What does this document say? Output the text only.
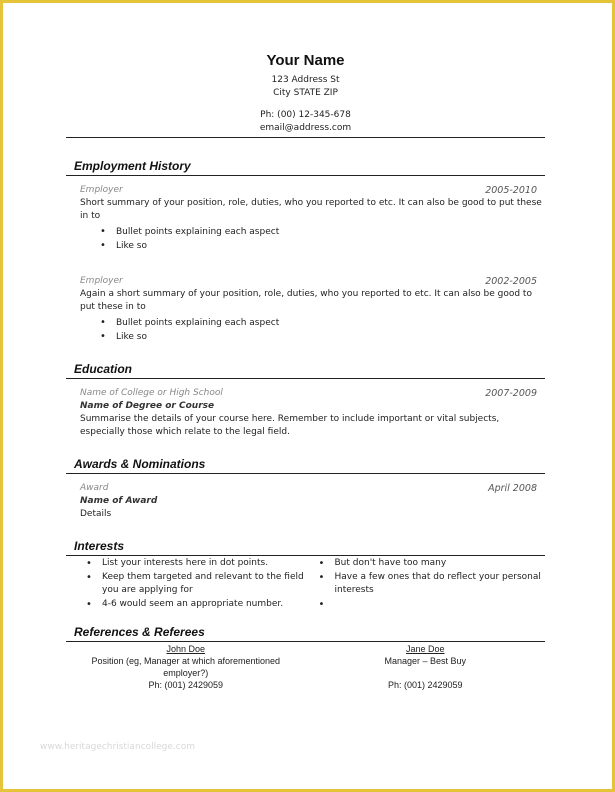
Your Name
123 Address St
City STATE ZIP
Ph: (00) 12-345-678
email@address.com
Employment History
Employer	2005-2010
Short summary of your position, role, duties, who you reported to etc. It can also be good to put these in to
• Bullet points explaining each aspect
• Like so
Employer	2002-2005
Again a short summary of your position, role, duties, who you reported to etc. It can also be good to put these in to
• Bullet points explaining each aspect
• Like so
Education
Name of College or High School	2007-2009
Name of Degree or Course
Summarise the details of your course here. Remember to include important or vital subjects, especially those which relate to the legal field.
Awards & Nominations
Award	April 2008
Name of Award
Details
Interests
• List your interests here in dot points.
• Keep them targeted and relevant to the field you are applying for
• 4-6 would seem an appropriate number.
• But don't have too many
• Have a few ones that do reflect your personal interests
•
References & Referees
John Doe
Position (eg, Manager at which aforementioned employer?)
Ph: (001) 2429059
Jane Doe
Manager – Best Buy
Ph: (001) 2429059
www.heritagechristiancollege.com
